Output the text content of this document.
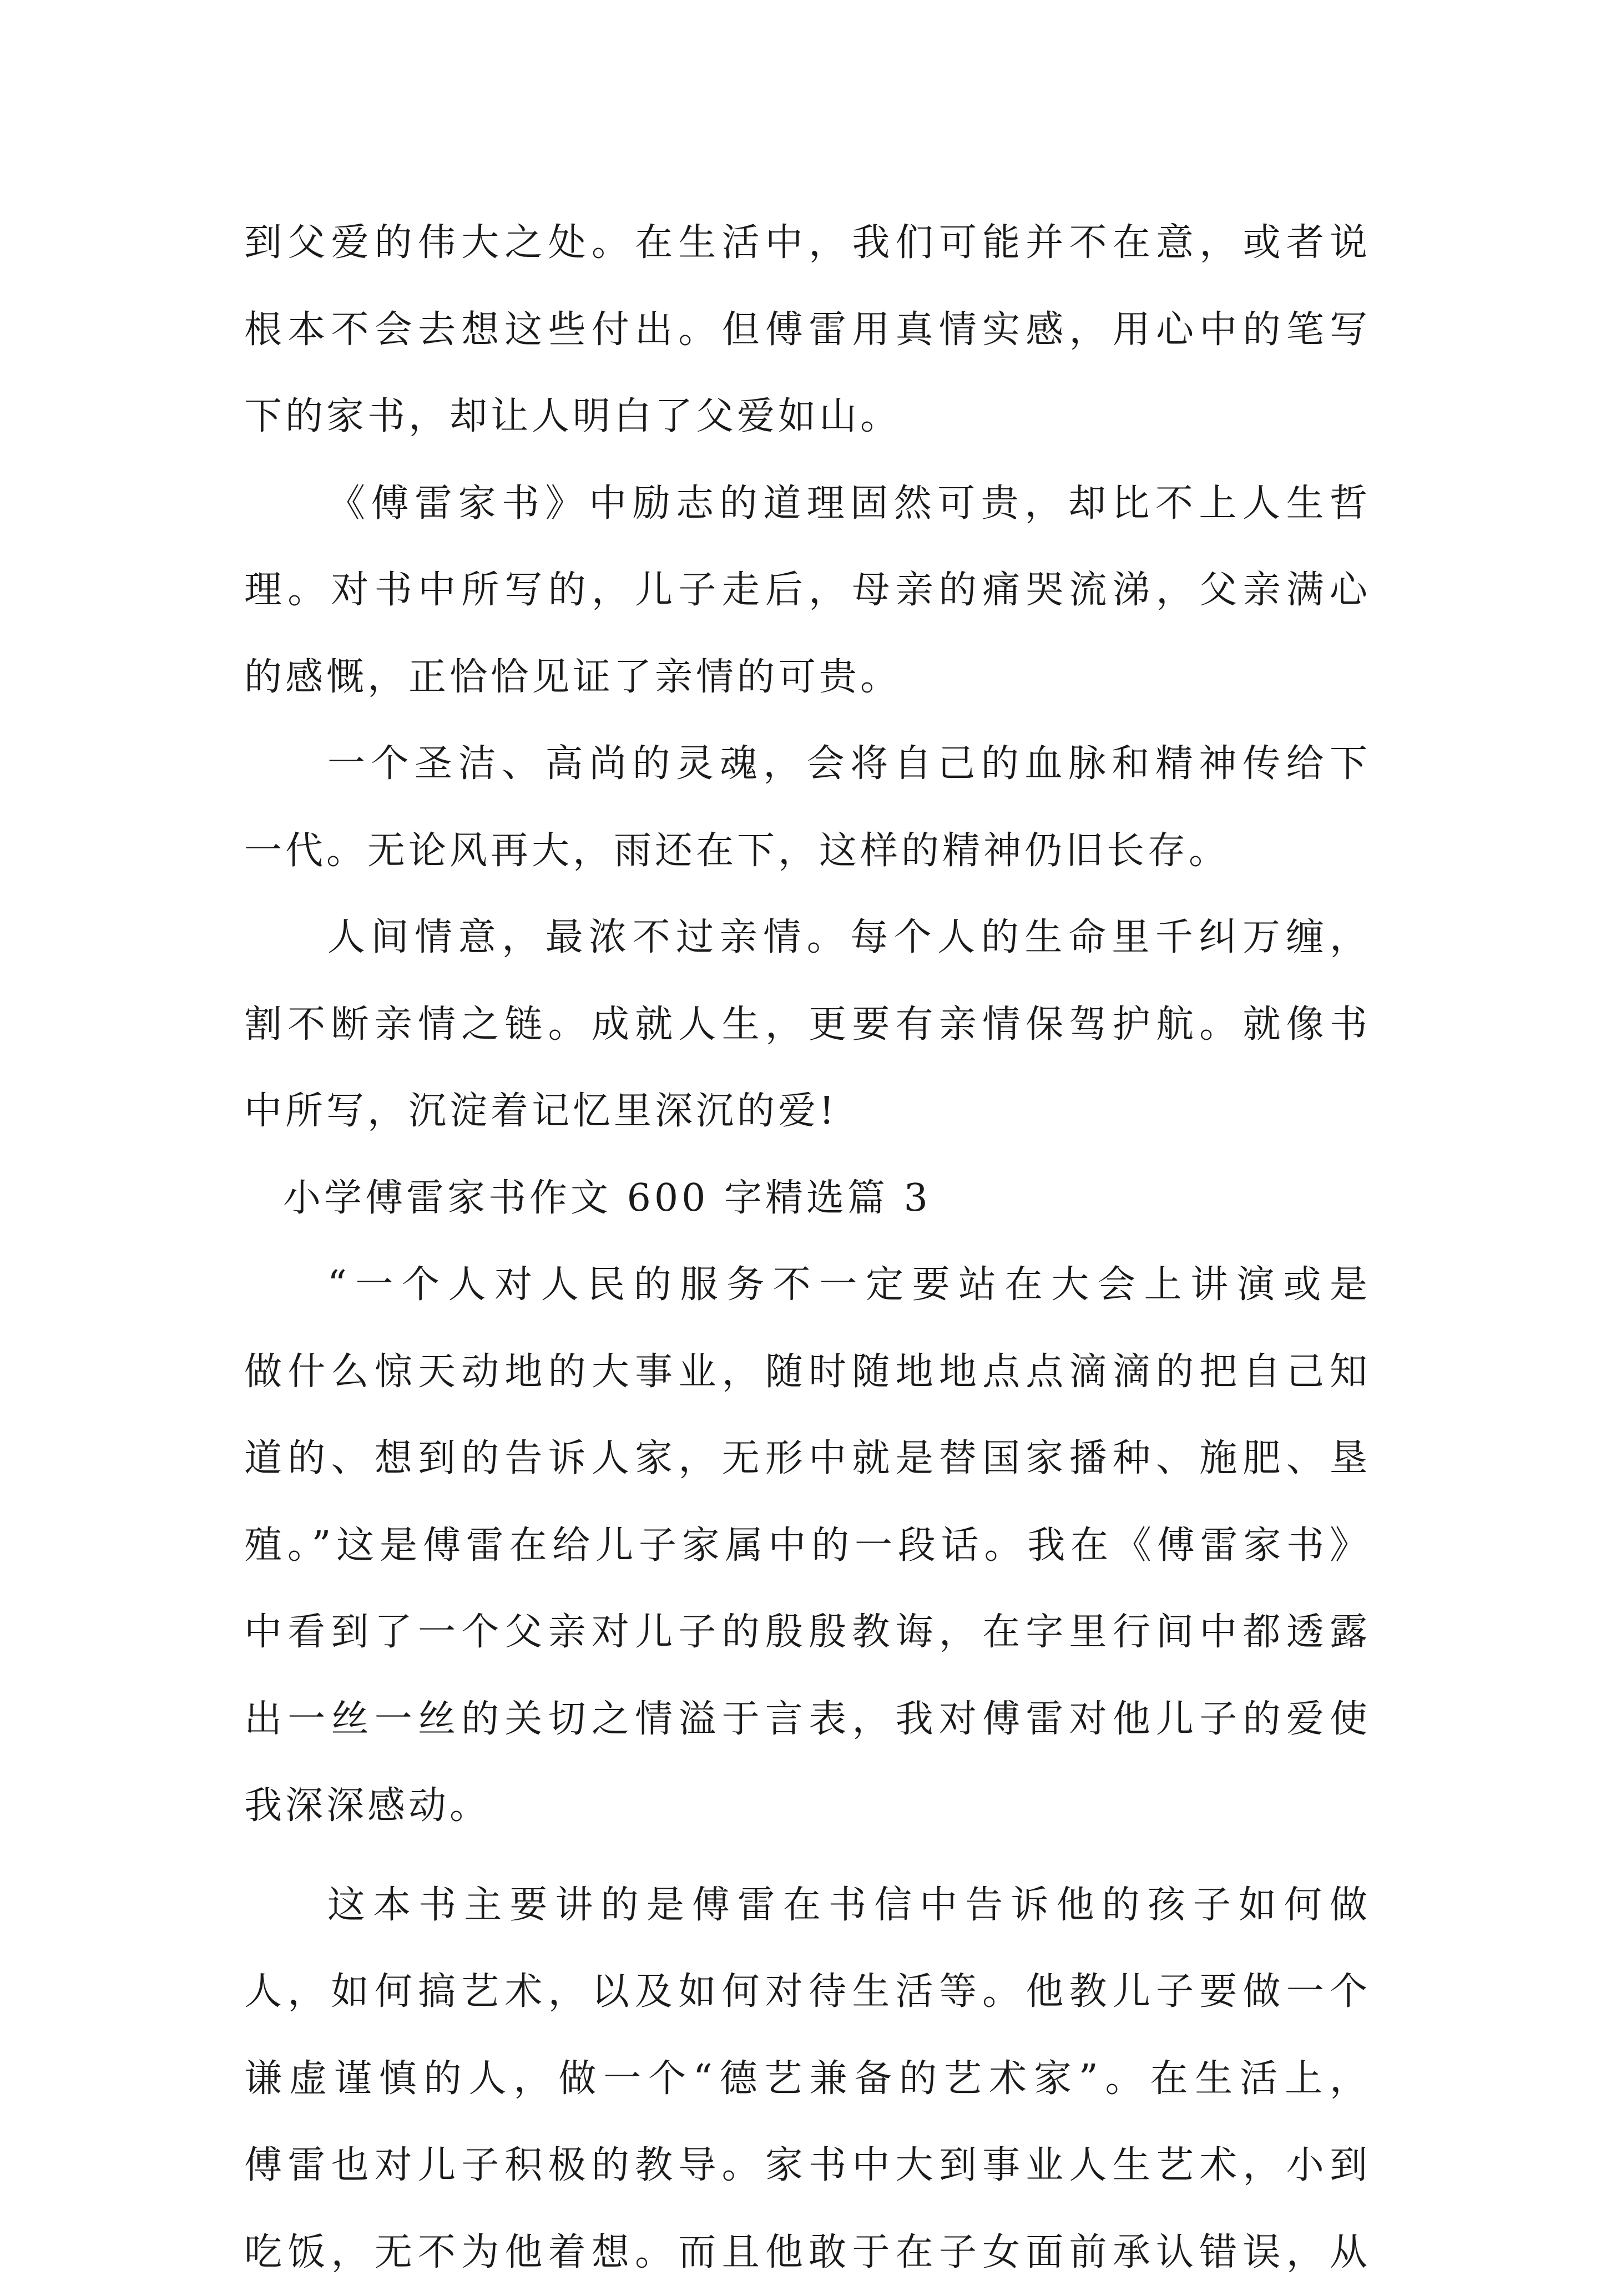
到父爱的伟大之处。在生活中，我们可能并不在意，或者说
根本不会去想这些付出。但傅雷用真情实感，用心中的笔写
下的家书，却让人明白了父爱如山。
《傅雷家书》中励志的道理固然可贵，却比不上人生哲
理。对书中所写的，儿子走后，母亲的痛哭流涕，父亲满心
的感慨，正恰恰见证了亲情的可贵。
一个圣洁、高尚的灵魂，会将自己的血脉和精神传给下
一代。无论风再大，雨还在下，这样的精神仍旧长存。
人间情意，最浓不过亲情。每个人的生命里千纠万缠，
割不断亲情之链。成就人生，更要有亲情保驾护航。就像书
中所写，沉淀着记忆里深沉的爱!
小学傅雷家书作文 600 字精选篇 3
“一个人对人民的服务不一定要站在大会上讲演或是
做什么惊天动地的大事业，随时随地地点点滴滴的把自己知
道的、想到的告诉人家，无形中就是替国家播种、施肥、垦
殖。”这是傅雷在给儿子家属中的一段话。我在《傅雷家书》
中看到了一个父亲对儿子的殷殷教诲，在字里行间中都透露
出一丝一丝的关切之情溢于言表，我对傅雷对他儿子的爱使
我深深感动。
这本书主要讲的是傅雷在书信中告诉他的孩子如何做
人，如何搞艺术，以及如何对待生活等。他教儿子要做一个
谦虚谨慎的人，做一个“德艺兼备的艺术家”。在生活上，
傅雷也对儿子积极的教导。家书中大到事业人生艺术，小到
吃饭，无不为他着想。而且他敢于在子女面前承认错误，从
